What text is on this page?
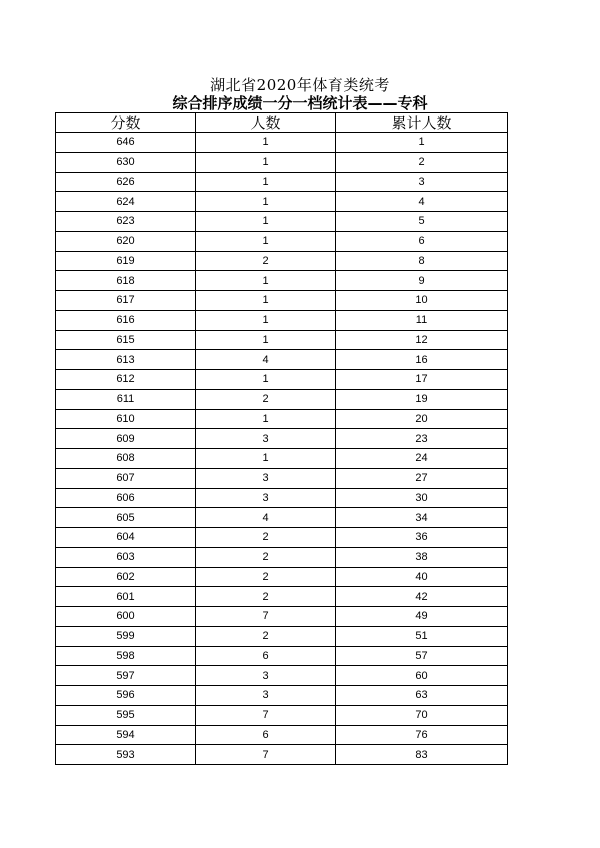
湖北省2020年体育类统考
综合排序成绩一分一档统计表——专科
分数	人数	累计人数
646	1	1
630	1	2
626	1	3
624	1	4
623	1	5
620	1	6
619	2	8
618	1	9
617	1	10
616	1	11
615	1	12
613	4	16
612	1	17
611	2	19
610	1	20
609	3	23
608	1	24
607	3	27
606	3	30
605	4	34
604	2	36
603	2	38
602	2	40
601	2	42
600	7	49
599	2	51
598	6	57
597	3	60
596	3	63
595	7	70
594	6	76
593	7	83
